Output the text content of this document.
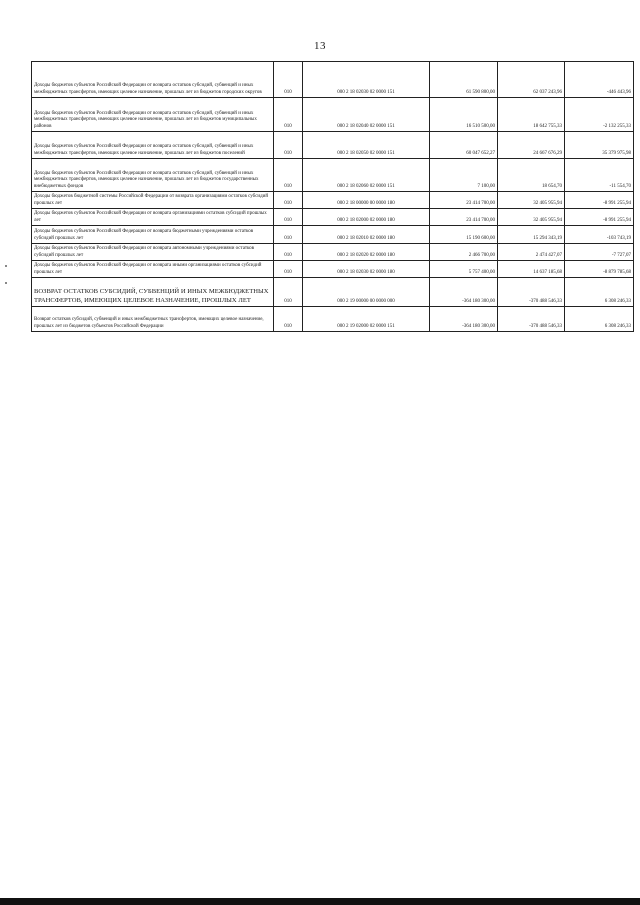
13
Доходы бюджетов субъектов Российской Федерации от возврата остатков субсидий, субвенций и иных межбюджетных трансфертов, имеющих целевое назначение, прошлых лет из бюджетов городских округов	010	000 2 18 02030 02 0000 151	61 590 800,00	62 037 243,96	-446 443,96

Доходы бюджетов субъектов Российской Федерации от возврата остатков субсидий, субвенций и иных межбюджетных трансфертов, имеющих целевое назначение, прошлых лет из бюджетов муниципальных районов	010	000 2 18 02040 02 0000 151	16 510 500,00	18 642 755,33	-2 132 255,33

Доходы бюджетов субъектов Российской Федерации от возврата остатков субсидий, субвенций и иных межбюджетных трансфертов, имеющих целевое назначение, прошлых лет из бюджетов поселений	010	000 2 18 02050 02 0000 151	60 047 652,27	24 667 676,29	35 379 975,98

Доходы бюджетов субъектов Российской Федерации от возврата остатков субсидий, субвенций и иных межбюджетных трансфертов, имеющих целевое назначение, прошлых лет из бюджетов государственных внебюджетных фондов	010	000 2 18 02060 02 0000 151	7 100,00	18 654,70	-11 554,70

Доходы бюджетов бюджетной системы Российской Федерации от возврата организациями остатков субсидий прошлых лет	010	000 2 18 00000 00 0000 180	23 414 700,00	32 405 955,94	-8 991 255,94

Доходы бюджетов субъектов Российской Федерации от возврата организациями остатков субсидий прошлых лет	010	000 2 18 02000 02 0000 180	23 414 700,00	32 405 955,94	-8 991 255,94

Доходы бюджетов субъектов Российской Федерации от возврата бюджетными учреждениями остатков субсидий прошлых лет	010	000 2 18 02010 02 0000 180	15 190 600,00	15 294 343,19	-103 743,19

Доходы бюджетов субъектов Российской Федерации от возврата автономными учреждениями остатков субсидий прошлых лет	010	000 2 18 02020 02 0000 180	2 466 700,00	2 474 427,07	-7 727,07

Доходы бюджетов субъектов Российской Федерации от возврата иными организациями остатков субсидий прошлых лет	010	000 2 18 02030 02 0000 180	5 757 400,00	14 637 185,68	-8 879 785,68

ВОЗВРАТ ОСТАТКОВ СУБСИДИЙ, СУБВЕНЦИЙ И ИНЫХ МЕЖБЮДЖЕТНЫХ ТРАНСФЕРТОВ, ИМЕЮЩИХ ЦЕЛЕВОЕ НАЗНАЧЕНИЕ, ПРОШЛЫХ ЛЕТ	010	000 2 19 00000 00 0000 000	-364 180 300,00	-370 488 546,33	6 308 246,33

Возврат остатков субсидий, субвенций и иных межбюджетных трансфертов, имеющих целевое назначение, прошлых лет из бюджетов субъектов Российской Федерации	010	000 2 19 02000 02 0000 151	-364 180 300,00	-370 488 546,33	6 308 246,33
